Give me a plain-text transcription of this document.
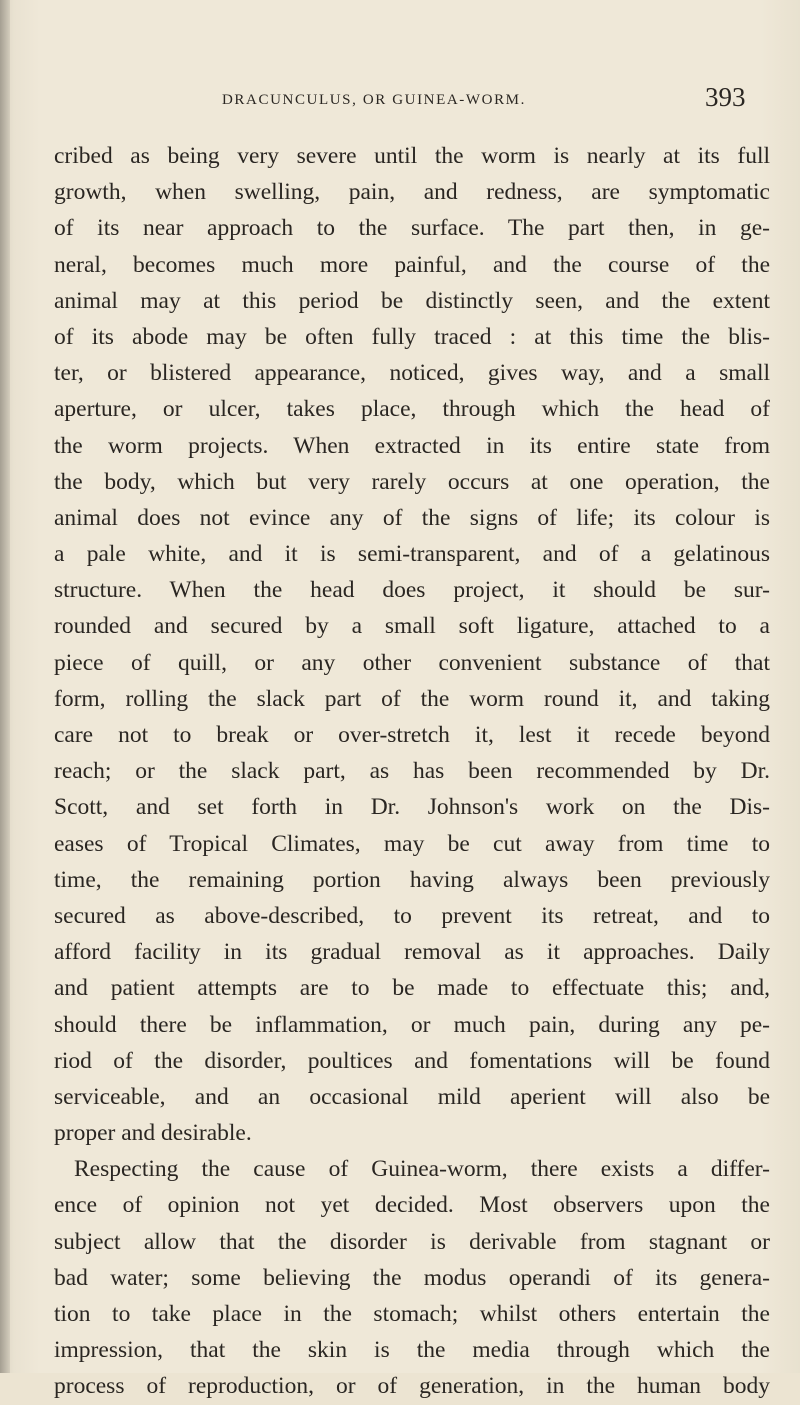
DRACUNCULUS, OR GUINEA-WORM.	393
cribed as being very severe until the worm is nearly at its full
growth, when swelling, pain, and redness, are symptomatic
of its near approach to the surface. The part then, in ge-
neral, becomes much more painful, and the course of the
animal may at this period be distinctly seen, and the extent
of its abode may be often fully traced : at this time the blis-
ter, or blistered appearance, noticed, gives way, and a small
aperture, or ulcer, takes place, through which the head of
the worm projects. When extracted in its entire state from
the body, which but very rarely occurs at one operation, the
animal does not evince any of the signs of life; its colour is
a pale white, and it is semi-transparent, and of a gelatinous
structure. When the head does project, it should be sur-
rounded and secured by a small soft ligature, attached to a
piece of quill, or any other convenient substance of that
form, rolling the slack part of the worm round it, and taking
care not to break or over-stretch it, lest it recede beyond
reach; or the slack part, as has been recommended by Dr.
Scott, and set forth in Dr. Johnson's work on the Dis-
eases of Tropical Climates, may be cut away from time to
time, the remaining portion having always been previously
secured as above-described, to prevent its retreat, and to
afford facility in its gradual removal as it approaches. Daily
and patient attempts are to be made to effectuate this; and,
should there be inflammation, or much pain, during any pe-
riod of the disorder, poultices and fomentations will be found
serviceable, and an occasional mild aperient will also be
proper and desirable.
Respecting the cause of Guinea-worm, there exists a differ-
ence of opinion not yet decided. Most observers upon the
subject allow that the disorder is derivable from stagnant or
bad water; some believing the modus operandi of its genera-
tion to take place in the stomach; whilst others entertain the
impression, that the skin is the media through which the
process of reproduction, or of generation, in the human body
